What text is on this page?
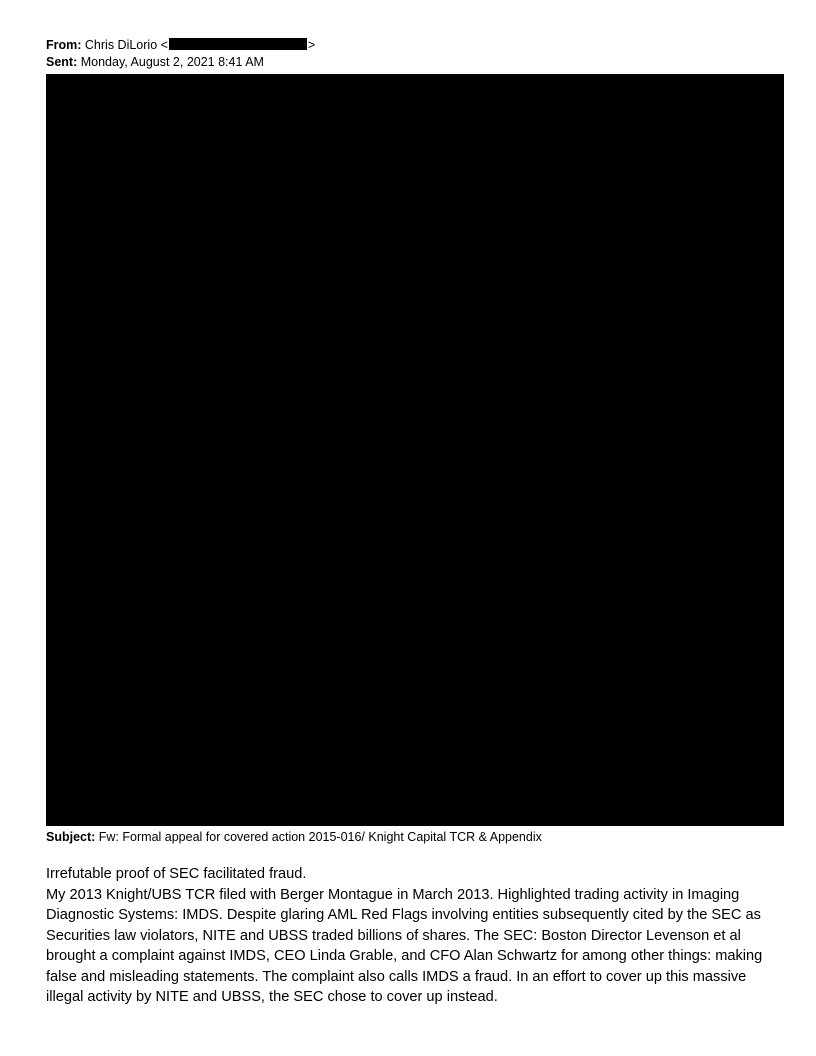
From: Chris DiLorio <	>
Sent: Monday, August 2, 2021 8:41 AM
Subject: Fw: Formal appeal for covered action 2015-016/ Knight Capital TCR & Appendix

Irrefutable proof of SEC facilitated fraud.

My 2013 Knight/UBS TCR filed with Berger Montague in March 2013. Highlighted trading activity in Imaging Diagnostic Systems: IMDS. Despite glaring AML Red Flags involving entities subsequently cited by the SEC as Securities law violators, NITE and UBSS traded billions of shares. The SEC: Boston Director Levenson et al brought a complaint against IMDS, CEO Linda Grable, and CFO Alan Schwartz for among other things: making false and misleading statements. The complaint also calls IMDS a fraud. In an effort to cover up this massive illegal activity by NITE and UBSS, the SEC chose to cover up instead.
